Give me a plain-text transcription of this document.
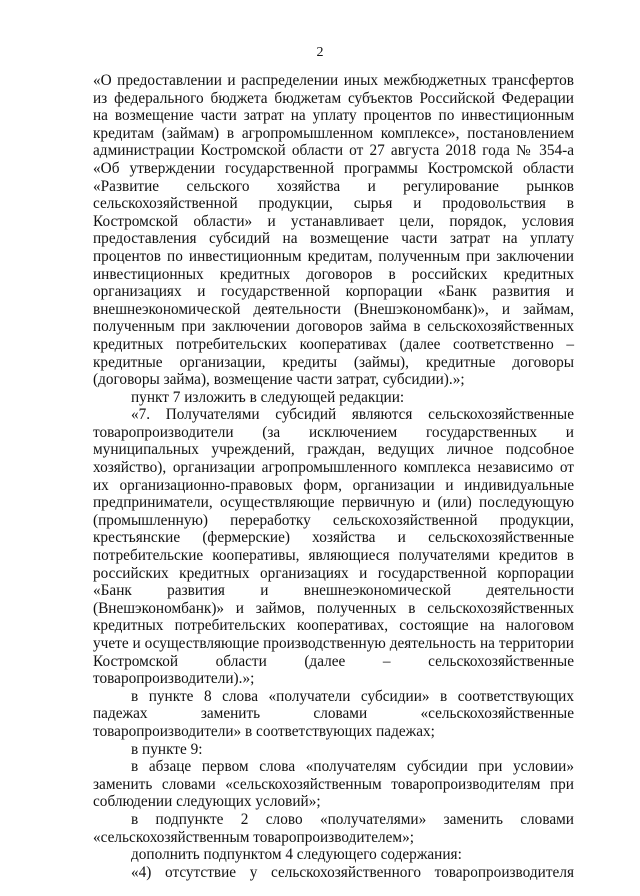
2

«О предоставлении и распределении иных межбюджетных трансфертов из федерального бюджета бюджетам субъектов Российской Федерации на возмещение части затрат на уплату процентов по инвестиционным кредитам (займам) в агропромышленном комплексе», постановлением администрации Костромской области от 27 августа 2018 года № 354-а «Об утверждении государственной программы Костромской области «Развитие сельского хозяйства и регулирование рынков сельскохозяйственной продукции, сырья и продовольствия в Костромской области» и устанавливает цели, порядок, условия предоставления субсидий на возмещение части затрат на уплату процентов по инвестиционным кредитам, полученным при заключении инвестиционных кредитных договоров в российских кредитных организациях и государственной корпорации «Банк развития и внешнеэкономической деятельности (Внешэкономбанк)», и займам, полученным при заключении договоров займа в сельскохозяйственных кредитных потребительских кооперативах (далее соответственно – кредитные организации, кредиты (займы), кредитные договоры (договоры займа), возмещение части затрат, субсидии).»;

пункт 7 изложить в следующей редакции:

«7. Получателями субсидий являются сельскохозяйственные товаропроизводители (за исключением государственных и муниципальных учреждений, граждан, ведущих личное подсобное хозяйство), организации агропромышленного комплекса независимо от их организационно-правовых форм, организации и индивидуальные предприниматели, осуществляющие первичную и (или) последующую (промышленную) переработку сельскохозяйственной продукции, крестьянские (фермерские) хозяйства и сельскохозяйственные потребительские кооперативы, являющиеся получателями кредитов в российских кредитных организациях и государственной корпорации «Банк развития и внешнеэкономической деятельности (Внешэкономбанк)» и займов, полученных в сельскохозяйственных кредитных потребительских кооперативах, состоящие на налоговом учете и осуществляющие производственную деятельность на территории Костромской области (далее – сельскохозяйственные товаропроизводители).»;

в пункте 8 слова «получатели субсидии» в соответствующих падежах заменить словами «сельскохозяйственные товаропроизводители» в соответствующих падежах;

в пункте 9:

в абзаце первом слова «получателям субсидии при условии» заменить словами «сельскохозяйственным товаропроизводителям при соблюдении следующих условий»;

в подпункте 2 слово «получателями» заменить словами «сельскохозяйственным товаропроизводителем»;

дополнить подпунктом 4 следующего содержания:

«4) отсутствие у сельскохозяйственного товаропроизводителя
